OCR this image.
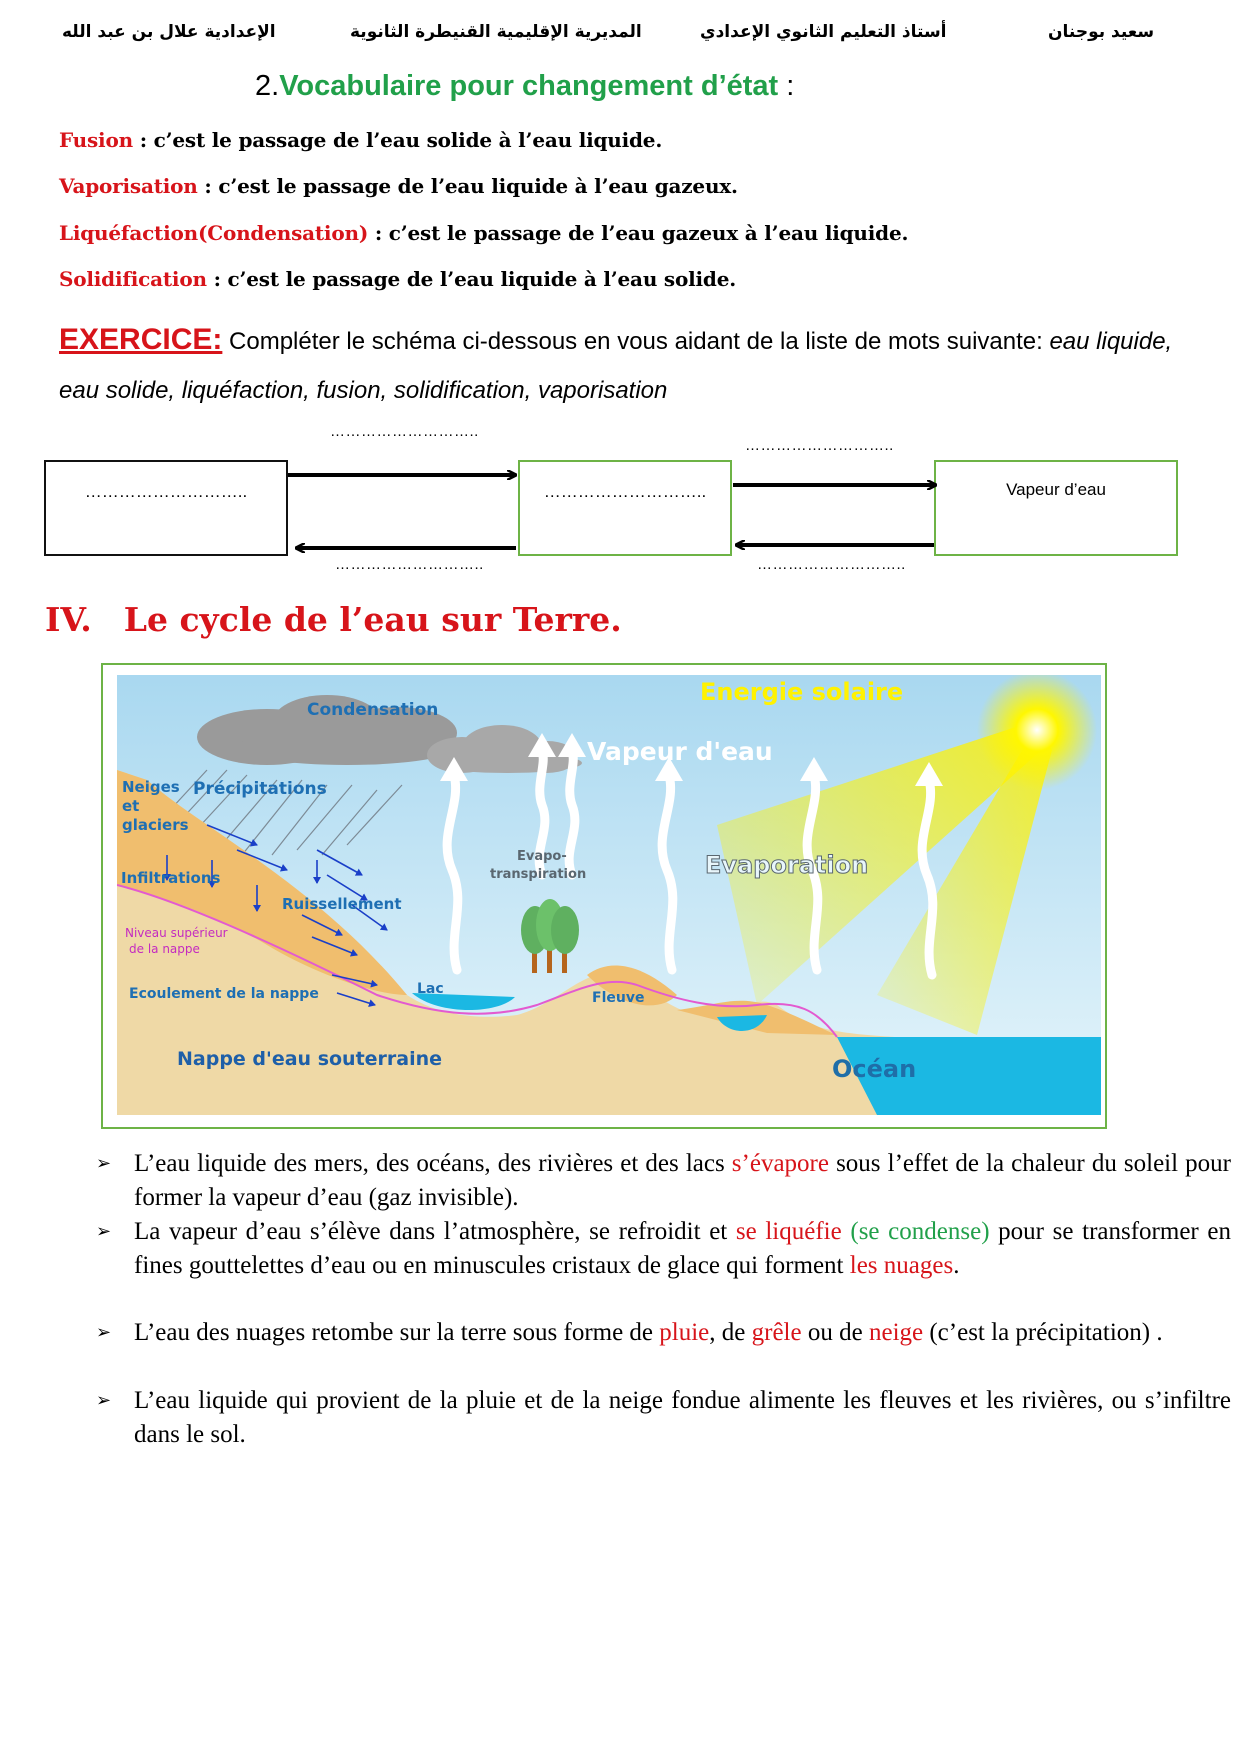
الإعدادية علال بن عبد الله	المديرية الإقليمية القنيطرة الثانوية	أستاذ التعليم الثانوي الإعدادي	سعيد بوجنان
2.Vocabulaire pour changement d’état :
Fusion : c’est le passage de l’eau solide à l’eau liquide.
Vaporisation : c’est le passage de l’eau liquide à l’eau gazeux.
Liquéfaction(Condensation) : c’est le passage de l’eau gazeux à l’eau liquide.
Solidification : c’est le passage de l’eau liquide à l’eau solide.
EXERCICE: Compléter le schéma ci-dessous en vous aidant de la liste de mots suivante: eau liquide, eau solide, liquéfaction, fusion, solidification, vaporisation
………………………..
………………………..
………………………..	………………………..	Vapeur d’eau
………………………..	………………………..
IV. Le cycle de l’eau sur Terre.
Condensation
Energie solaire
Vapeur d'eau
Neiges
et
glaciers
Précipitations
Infiltrations
Ruissellement
Niveau supérieur
de la nappe
Ecoulement de la nappe	Lac
Evapo-
transpiration	Evaporation
Fleuve
Nappe d'eau souterraine	Océan
➢ L’eau liquide des mers, des océans, des rivières et des lacs s’évapore sous l’effet de la chaleur du soleil pour former la vapeur d’eau (gaz invisible).
➢ La vapeur d’eau s’élève dans l’atmosphère, se refroidit et se liquéfie (se condense) pour se transformer en fines gouttelettes d’eau ou en minuscules cristaux de glace qui forment les nuages.
➢ L’eau des nuages retombe sur la terre sous forme de pluie, de grêle ou de neige (c’est la précipitation) .
➢ L’eau liquide qui provient de la pluie et de la neige fondue alimente les fleuves et les rivières, ou s’infiltre dans le sol.
